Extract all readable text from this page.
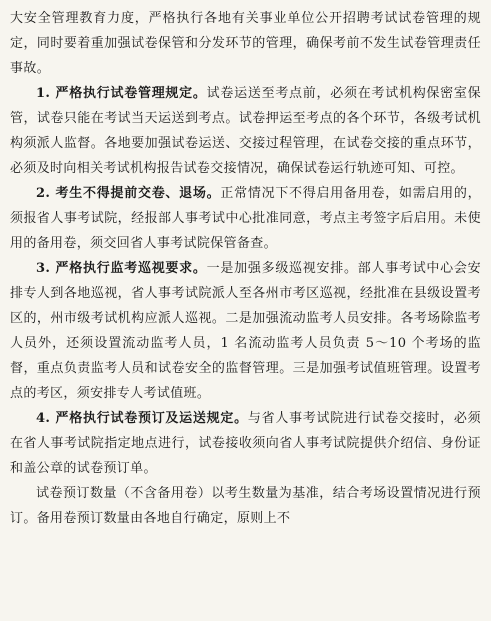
大安全管理教育力度，严格执行各地有关事业单位公开招聘考试试卷管理的规定，同时要着重加强试卷保管和分发环节的管理，确保考前不发生试卷管理责任事故。

1. 严格执行试卷管理规定。试卷运送至考点前，必须在考试机构保密室保管，试卷只能在考试当天运送到考点。试卷押运至考点的各个环节，各级考试机构须派人监督。各地要加强试卷运送、交接过程管理，在试卷交接的重点环节，必须及时向相关考试机构报告试卷交接情况，确保试卷运行轨迹可知、可控。

2. 考生不得提前交卷、退场。正常情况下不得启用备用卷，如需启用的，须报省人事考试院，经报部人事考试中心批准同意，考点主考签字后启用。未使用的备用卷，须交回省人事考试院保管备查。

3. 严格执行监考巡视要求。一是加强多级巡视安排。部人事考试中心会安排专人到各地巡视，省人事考试院派人至各州市考区巡视，经批准在县级设置考区的，州市级考试机构应派人巡视。二是加强流动监考人员安排。各考场除监考人员外，还须设置流动监考人员，1 名流动监考人员负责 5～10 个考场的监督，重点负责监考人员和试卷安全的监督管理。三是加强考试值班管理。设置考点的考区，须安排专人考试值班。

4. 严格执行试卷预订及运送规定。与省人事考试院进行试卷交接时，必须在省人事考试院指定地点进行，试卷接收须向省人事考试院提供介绍信、身份证和盖公章的试卷预订单。

试卷预订数量（不含备用卷）以考生数量为基准，结合考场设置情况进行预订。备用卷预订数量由各地自行确定，原则上不
